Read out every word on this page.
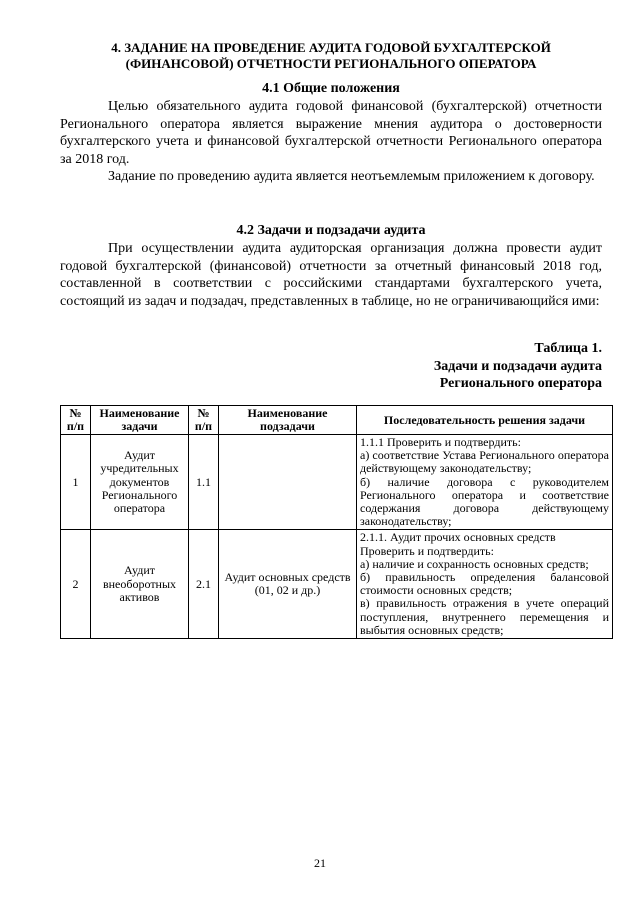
4. ЗАДАНИЕ НА ПРОВЕДЕНИЕ АУДИТА ГОДОВОЙ БУХГАЛТЕРСКОЙ
(ФИНАНСОВОЙ) ОТЧЕТНОСТИ РЕГИОНАЛЬНОГО ОПЕРАТОРА
4.1 Общие положения

Целью обязательного аудита годовой финансовой (бухгалтерской) отчетности Регионального оператора является выражение мнения аудитора о достоверности бухгалтерского учета и финансовой бухгалтерской отчетности Регионального оператора за 2018 год.

Задание по проведению аудита является неотъемлемым приложением к договору.

4.2 Задачи и подзадачи аудита

При осуществлении аудита аудиторская организация должна провести аудит годовой бухгалтерской (финансовой) отчетности за отчетный финансовый 2018 год, составленной в соответствии с российскими стандартами бухгалтерского учета, состоящий из задач и подзадач, представленных в таблице, но не ограничивающийся ими:

Таблица 1.
Задачи и подзадачи аудита
Регионального оператора
№ п/п	Наименование задачи	№ п/п	Наименование подзадачи	Последовательность решения задачи
1	Аудит учредительных документов Регионального оператора	1.1		1.1.1 Проверить и подтвердить:
а) соответствие Устава Регионального оператора действующему законодательству;
б) наличие договора с руководителем Регионального оператора и соответствие содержания договора действующему законодательству;

2	Аудит внеоборотных активов	2.1	Аудит основных средств (01, 02 и др.)	2.1.1. Аудит прочих основных средств
Проверить и подтвердить:
а) наличие и сохранность основных средств;
б) правильность определения балансовой стоимости основных средств;
в) правильность отражения в учете операций поступления, внутреннего перемещения и выбытия основных средств;
21
